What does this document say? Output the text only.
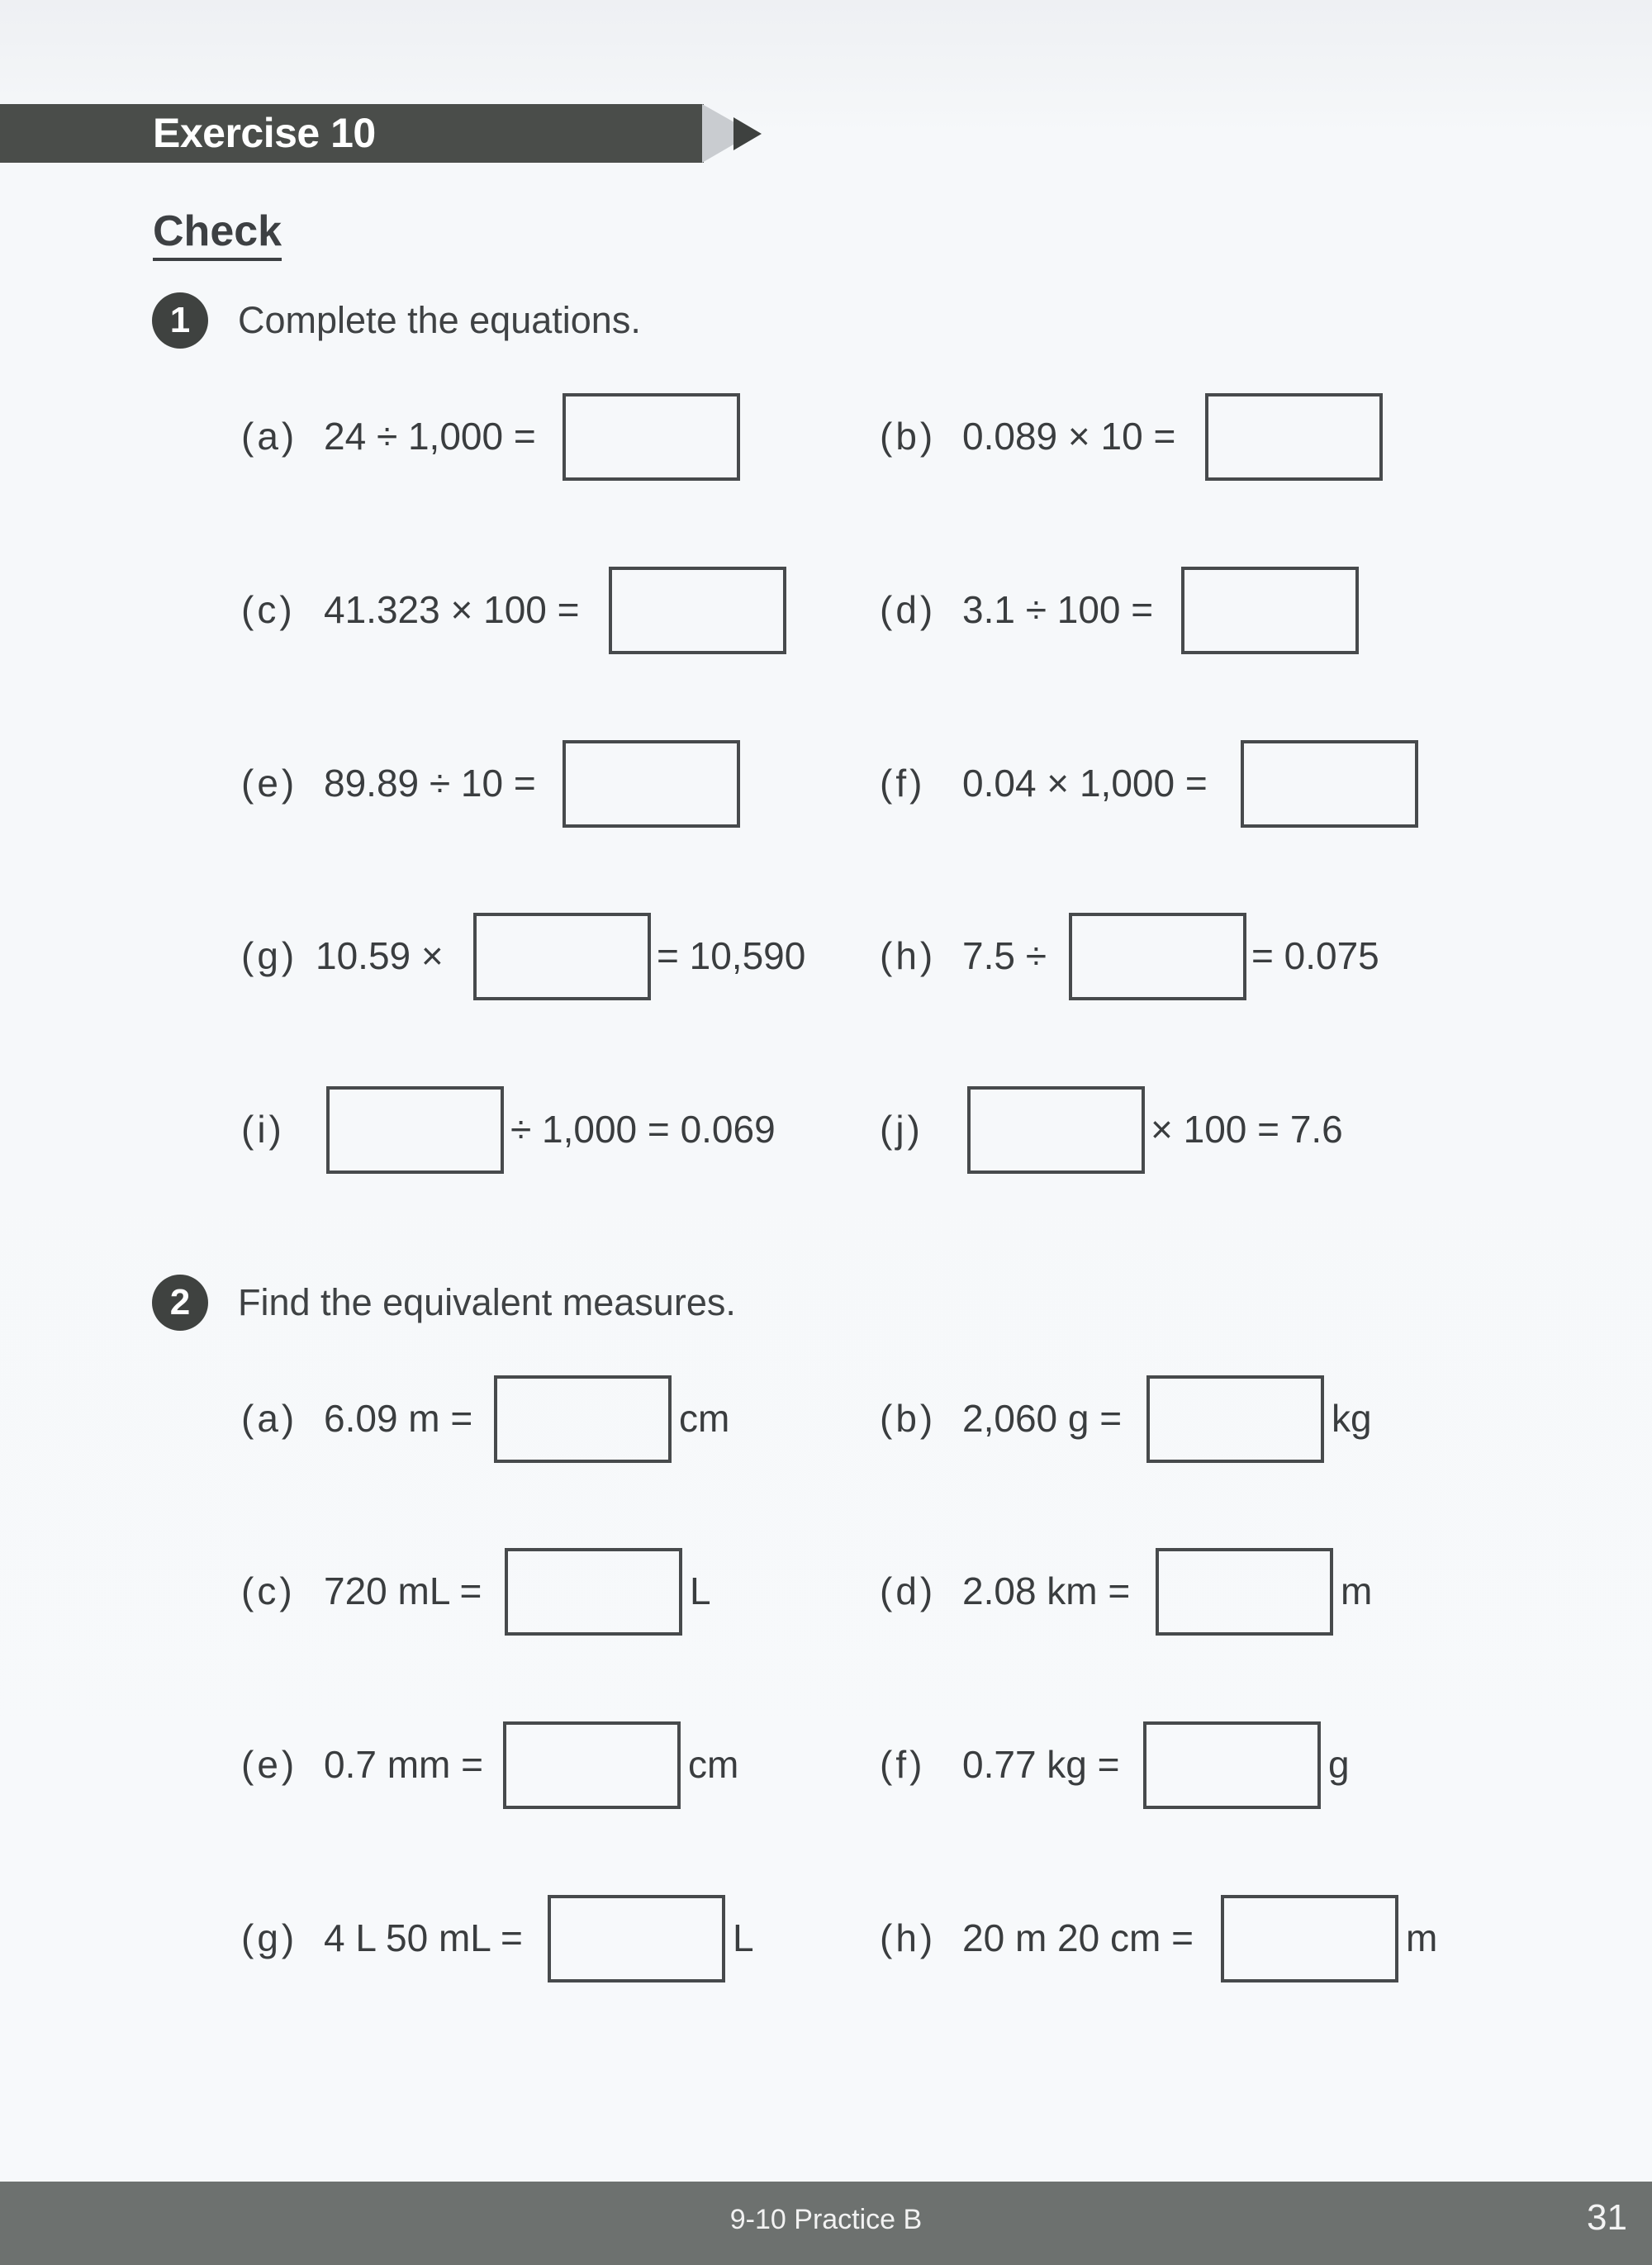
Exercise 10
Check
1	Complete the equations.
(a) 24 ÷ 1,000 =	(b) 0.089 × 10 =
(c) 41.323 × 100 =	(d) 3.1 ÷ 100 =
(e) 89.89 ÷ 10 =	(f) 0.04 × 1,000 =
(g) 10.59 ×	= 10,590 (h) 7.5 ÷	= 0.075
(i)	÷ 1,000 = 0.069	(j)	× 100 = 7.6
2	Find the equivalent measures.
(a) 6.09 m =	cm	(b) 2,060 g =	kg
(c) 720 mL =	L	(d) 2.08 km =	m
(e) 0.7 mm =	cm	(f) 0.77 kg =	g
(g) 4 L 50 mL =	L	(h) 20 m 20 cm =	m
9-10 Practice B	31
